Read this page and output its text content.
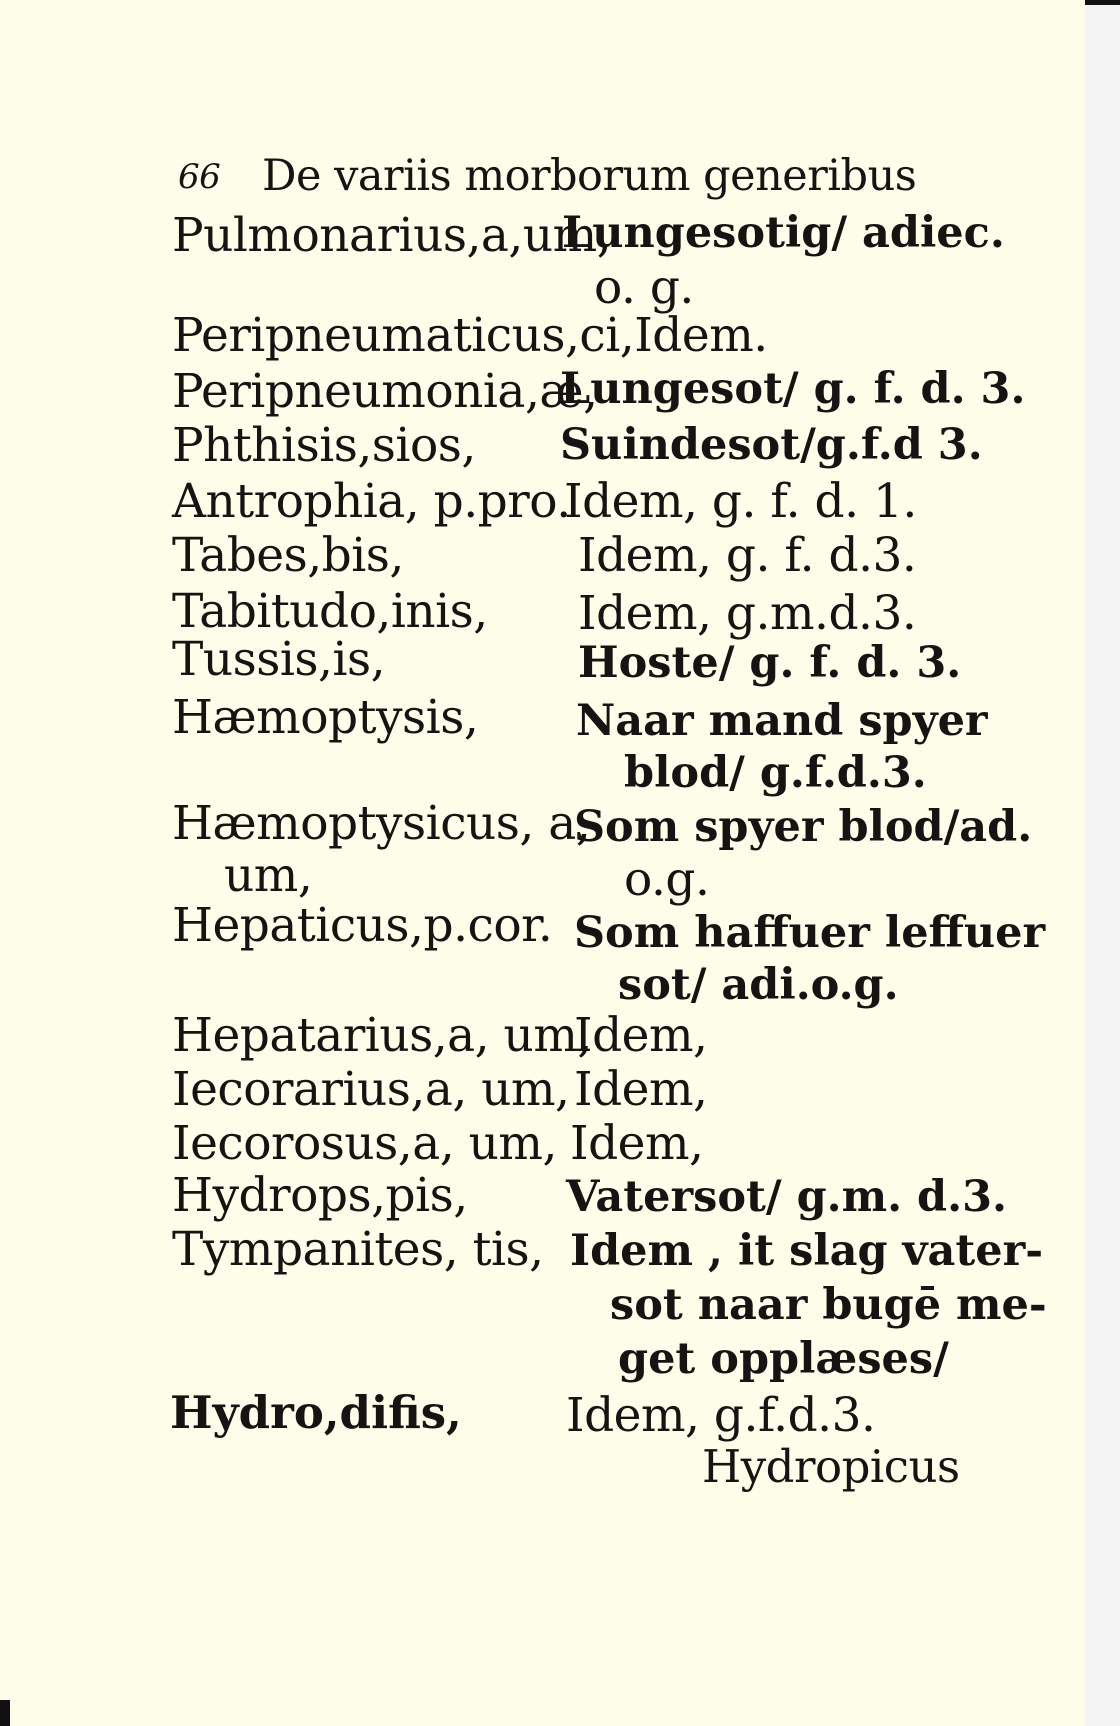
66 De variis morborum generibus
Pulmonarius,a,um,
Lungesotig/ adiec.
o. g.
Peripneumaticus,ci,Idem.
Peripneumonia,æ,
Lungesot/ g. f. d. 3.
Phthisis,sios, Suindesot/g.f.d 3.
Antrophia, p.pro.
Idem, g. f. d. 1.
Tabes,bis,	Idem, g. f. d.3.
Tabitudo,inis, Idem, g.m.d.3.
Tussis,is,	Hoste/ g. f. d. 3.
Hæmoptysis, Naar mand spyer
blod/ g.f.d.3.
Hæmoptysicus, a,
um,
Som spyer blod/ad.
o.g.
Hepaticus,p.cor. Som haffuer leffuer
sot/ adi.o.g.
Hepatarius,a, um,
Idem,
Iecorarius,a, um, Idem,
Iecorosus,a, um, Idem,
Hydrops,pis, Vatersot/ g.m. d.3.
Tympanites, tis, Idem , it slag vater-
sot naar bugē me-
get opplæses/
Hydro,difis, Idem, g.f.d.3.
Hydropicus
